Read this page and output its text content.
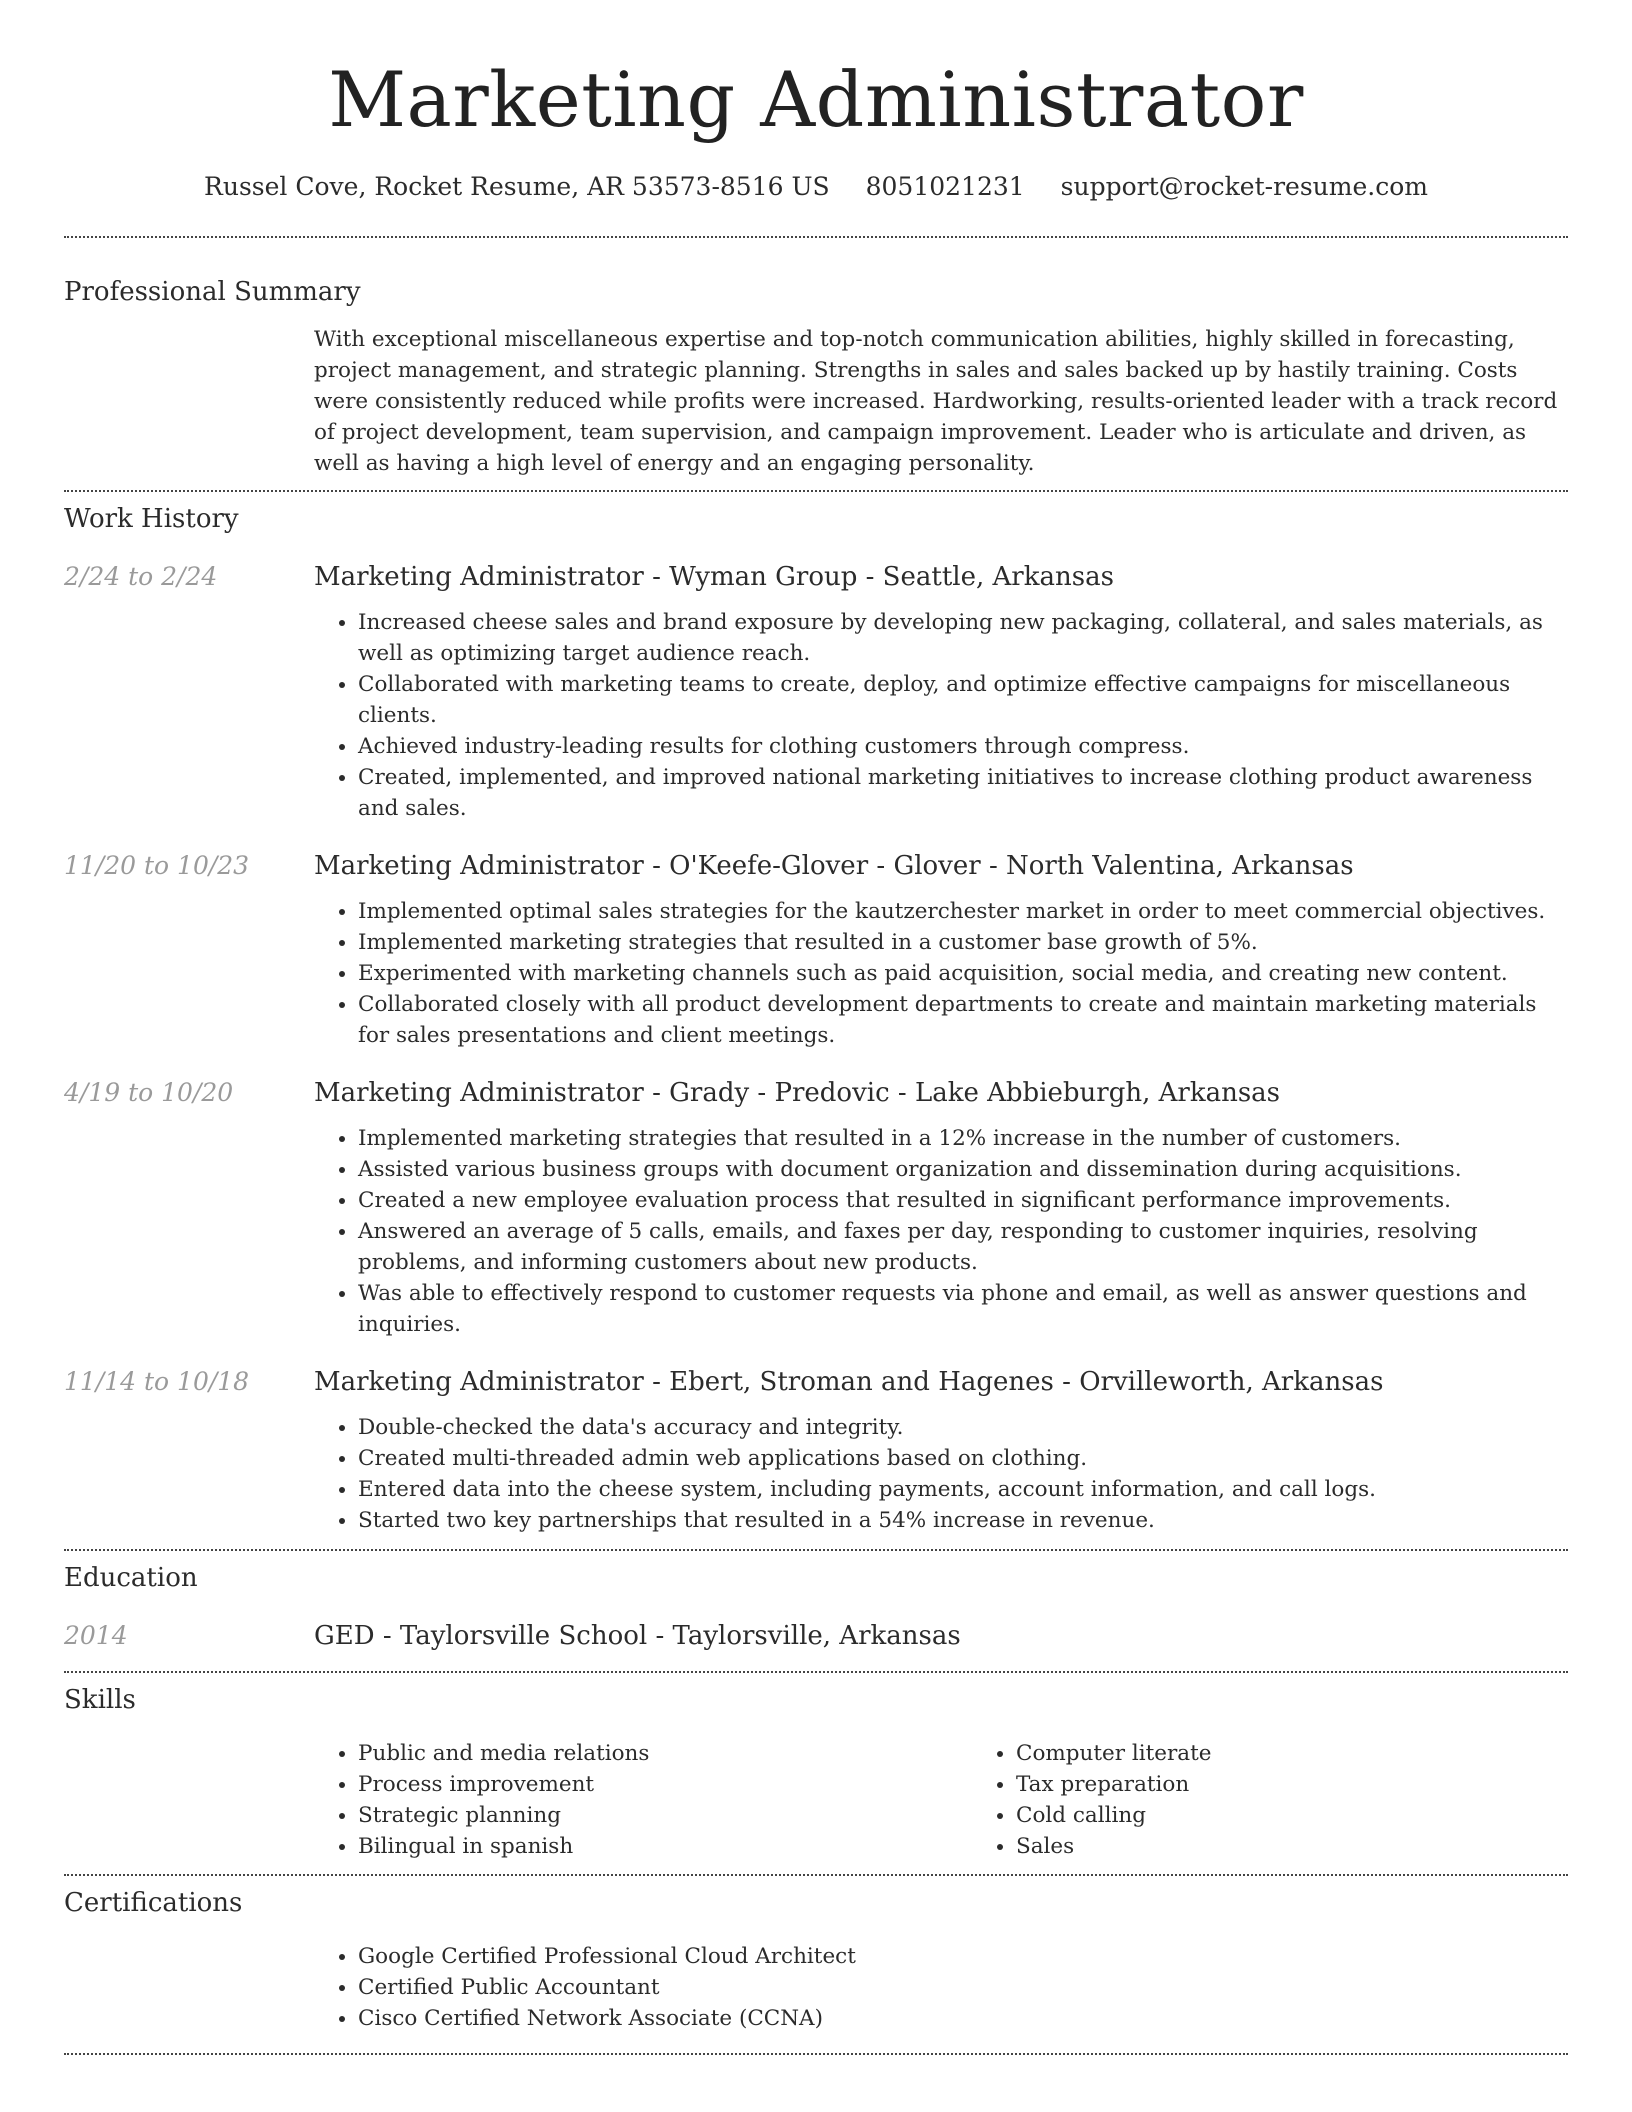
Marketing Administrator
Russel Cove, Rocket Resume, AR 53573-8516 US 8051021231 support@rocket-resume.com
Professional Summary
With exceptional miscellaneous expertise and top-notch communication abilities, highly skilled in forecasting, project management, and strategic planning. Strengths in sales and sales backed up by hastily training. Costs were consistently reduced while profits were increased. Hardworking, results-oriented leader with a track record of project development, team supervision, and campaign improvement. Leader who is articulate and driven, as well as having a high level of energy and an engaging personality.
Work History
2/24 to 2/24	Marketing Administrator - Wyman Group - Seattle, Arkansas
• Increased cheese sales and brand exposure by developing new packaging, collateral, and sales materials, as well as optimizing target audience reach.
• Collaborated with marketing teams to create, deploy, and optimize effective campaigns for miscellaneous clients.
• Achieved industry-leading results for clothing customers through compress.
• Created, implemented, and improved national marketing initiatives to increase clothing product awareness and sales.
11/20 to 10/23	Marketing Administrator - O'Keefe-Glover - Glover - North Valentina, Arkansas
• Implemented optimal sales strategies for the kautzerchester market in order to meet commercial objectives.
• Implemented marketing strategies that resulted in a customer base growth of 5%.
• Experimented with marketing channels such as paid acquisition, social media, and creating new content.
• Collaborated closely with all product development departments to create and maintain marketing materials for sales presentations and client meetings.
4/19 to 10/20	Marketing Administrator - Grady - Predovic - Lake Abbieburgh, Arkansas
• Implemented marketing strategies that resulted in a 12% increase in the number of customers.
• Assisted various business groups with document organization and dissemination during acquisitions.
• Created a new employee evaluation process that resulted in significant performance improvements.
• Answered an average of 5 calls, emails, and faxes per day, responding to customer inquiries, resolving problems, and informing customers about new products.
• Was able to effectively respond to customer requests via phone and email, as well as answer questions and inquiries.
11/14 to 10/18	Marketing Administrator - Ebert, Stroman and Hagenes - Orvilleworth, Arkansas
• Double-checked the data's accuracy and integrity.
• Created multi-threaded admin web applications based on clothing.
• Entered data into the cheese system, including payments, account information, and call logs.
• Started two key partnerships that resulted in a 54% increase in revenue.
Education
2014	GED - Taylorsville School - Taylorsville, Arkansas
Skills
• Public and media relations
• Process improvement
• Strategic planning
• Bilingual in spanish
• Computer literate
• Tax preparation
• Cold calling
• Sales
Certifications
• Google Certified Professional Cloud Architect
• Certified Public Accountant
• Cisco Certified Network Associate (CCNA)
